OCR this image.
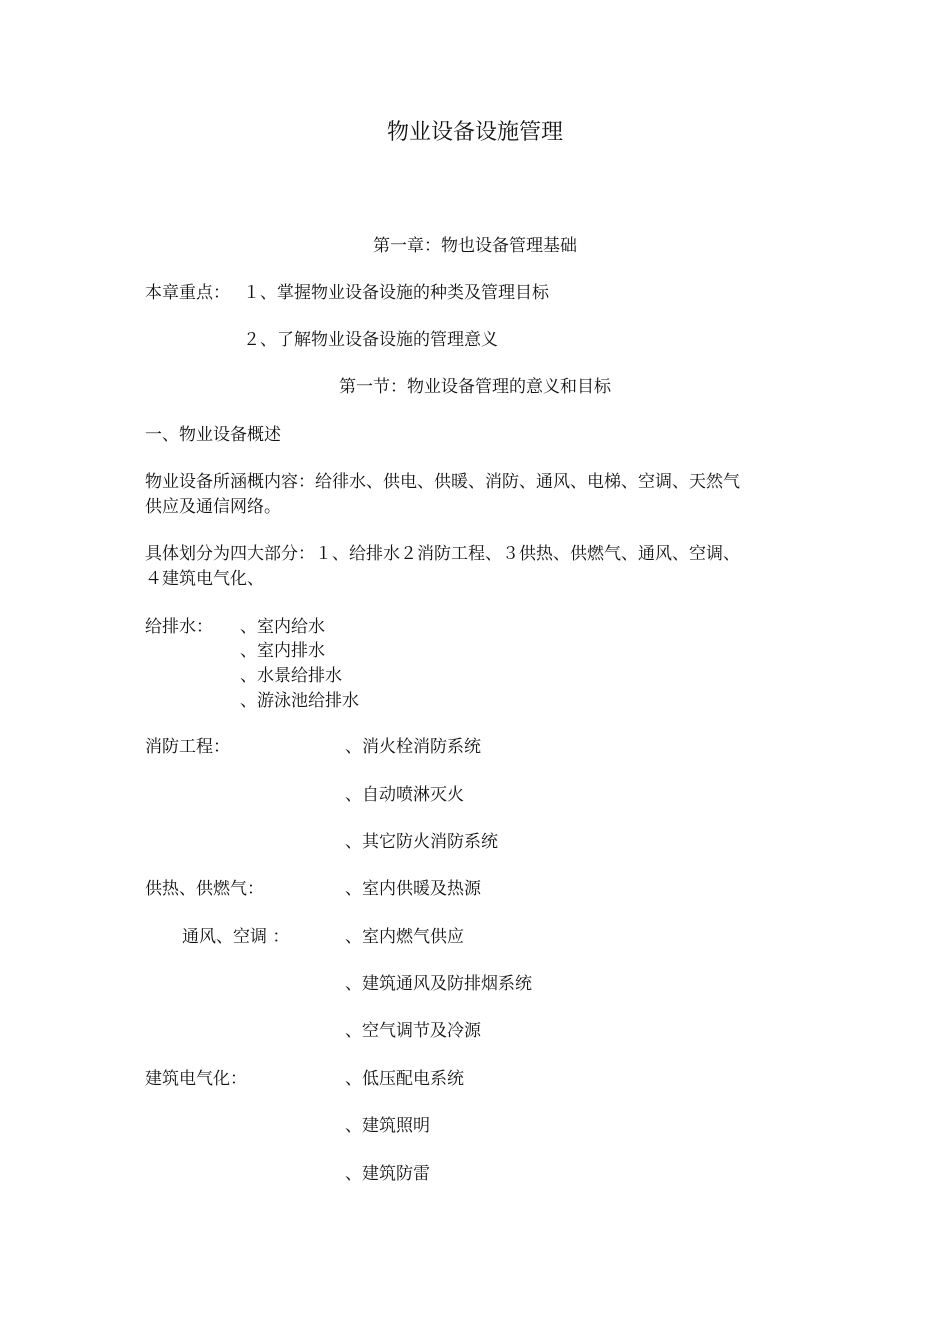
物业设备设施管理
第一章：物也设备管理基础
本章重点： １、掌握物业设备设施的种类及管理目标
２、了解物业设备设施的管理意义
第一节：物业设备管理的意义和目标
一、物业设备概述
物业设备所涵概内容：给徘水、供电、供暖、消防、通风、电梯、空调、天然气
供应及通信网络。
具体划分为四大部分：１、给排水２消防工程、３供热、供燃气、通风、空调、
４建筑电气化、
给排水： 、室内给水
、室内排水
、水景给排水
、游泳池给排水
消防工程：	、消火栓消防系统
、自动喷淋灭火
、其它防火消防系统
供热、供燃气：	、室内供暖及热源
通风、空调 ：	、室内燃气供应
、建筑通风及防排烟系统
、空气调节及冷源
建筑电气化：	、低压配电系统
、建筑照明
、建筑防雷
